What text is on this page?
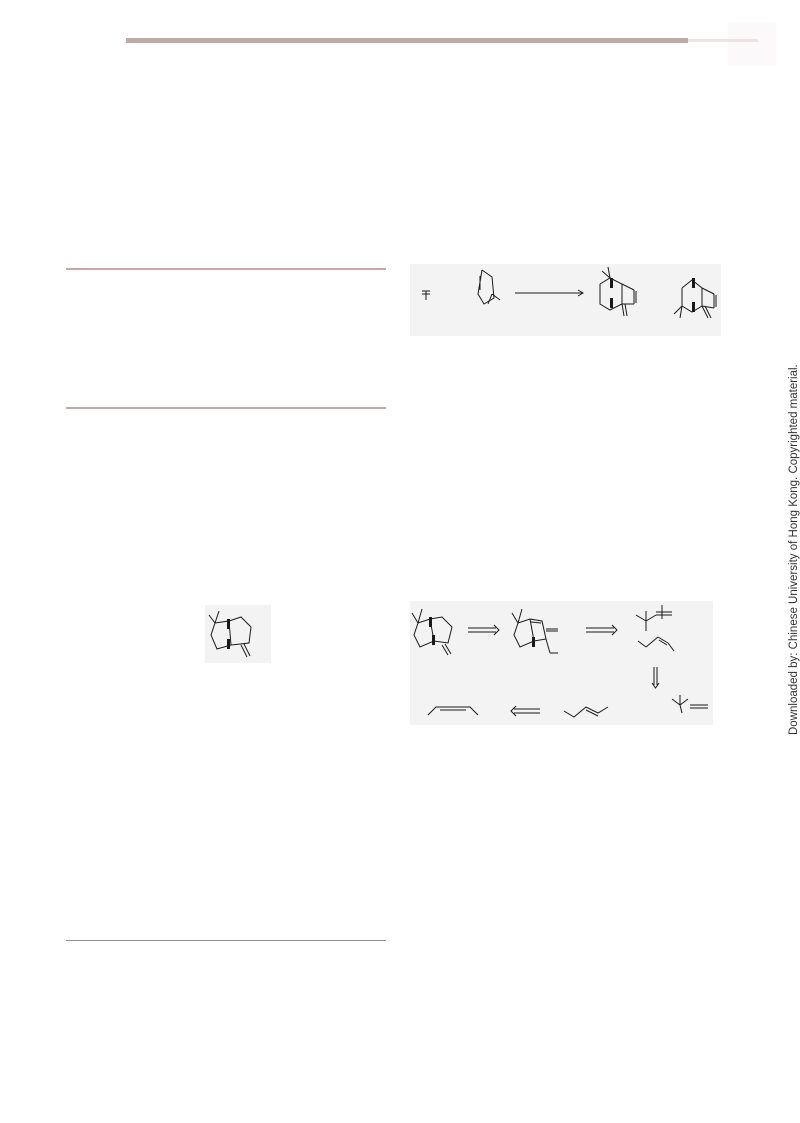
Downloaded by: Chinese University of Hong Kong. Copyrighted material.
